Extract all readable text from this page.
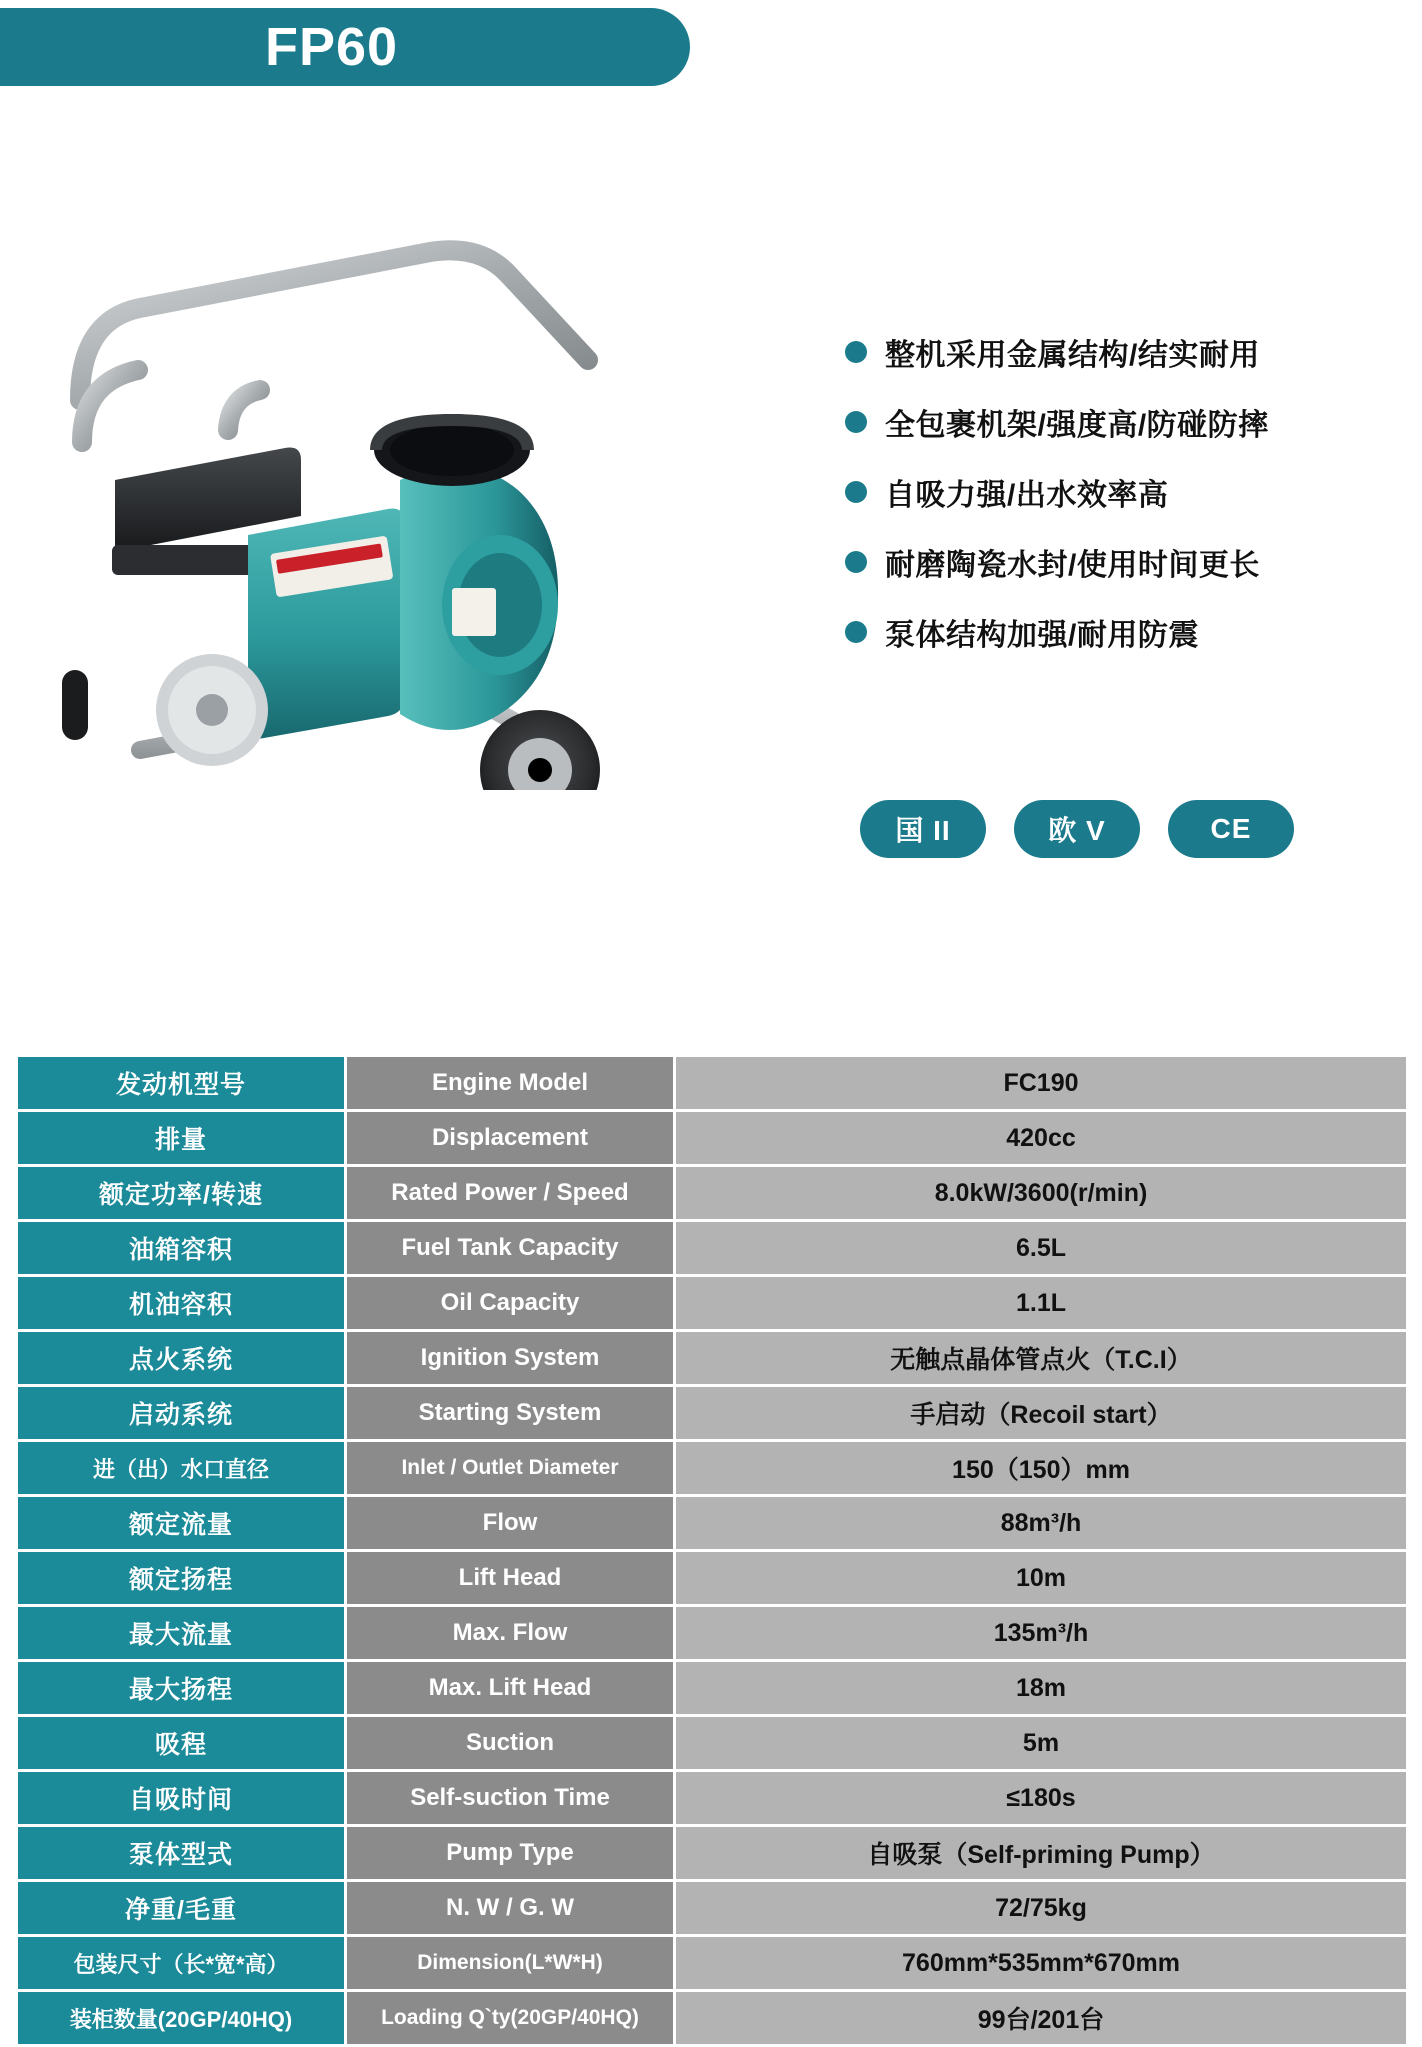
FP60
整机采用金属结构/结实耐用
全包裹机架/强度高/防碰防摔
自吸力强/出水效率高
耐磨陶瓷水封/使用时间更长
泵体结构加强/耐用防震
国 II	欧 V	CE
发动机型号	Engine Model	FC190
排量	Displacement	420cc
额定功率/转速	Rated Power / Speed	8.0kW/3600(r/min)
油箱容积	Fuel Tank Capacity	6.5L
机油容积	Oil Capacity	1.1L
点火系统	Ignition System	无触点晶体管点火（T.C.I）
启动系统	Starting System	手启动（Recoil start）
进（出）水口直径	Inlet / Outlet Diameter	150（150）mm
额定流量	Flow	88m³/h
额定扬程	Lift Head	10m
最大流量	Max. Flow	135m³/h
最大扬程	Max. Lift Head	18m
吸程	Suction	5m
自吸时间	Self-suction Time	≤180s
泵体型式	Pump Type	自吸泵（Self-priming Pump）
净重/毛重	N. W / G. W	72/75kg
包装尺寸（长*宽*高）	Dimension(L*W*H)	760mm*535mm*670mm
装柜数量(20GP/40HQ)	Loading Q`ty(20GP/40HQ)	99台/201台
